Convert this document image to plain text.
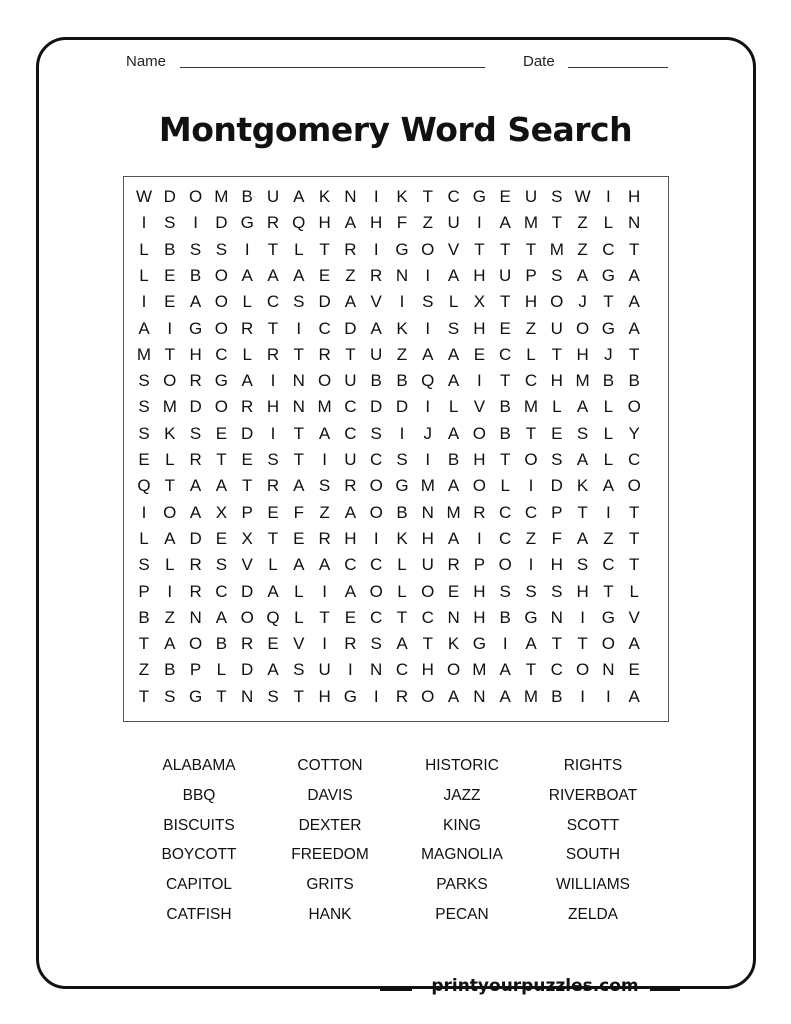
Name	Date
Montgomery Word Search
W D O M B U A K N	I	K T C G E U S W I	H
I	S	I	D G R Q H A H F Z U	I	A M T Z L N
L B S S	I	T L T R	I G O V T T T M Z C T
L E B O A A A E Z R N	I	A H U P S A G A
I	E A O L C S D A V	I	S L X T H O J T A
A	I G O R T	I	C D A K	I	S H E Z U O G A
M T H C L R T R T U Z A A E C L T H J T
S O R G A	I	N O U B B Q A	I	T C H M B B
S M D O R H N M C D D	I	L V B M L A L O
S K S E D	I	T A C S	I	J A O B T E S L Y
E L R T E S T	I	U C S	I	B H T O S A L C
Q T A A T R A S R O G M A O L	I	D K A O
I O A X P E F Z A O B N M R C C P T	I	T
L A D E X T E R H	I	K H A	I	C Z F A Z T
S L R S V L A A C C L U R P O I	H S C T
P	I	R C D A L	I	A O L O E H S S S H T L
B Z N A O Q L T E C T C N H B G N	I G V
T A O B R E V	I	R S A T K G I	A T T O A
Z B P L D A S U	I	N C H O M A T C O N E
T S G T N S T H G I	R O A N A M B	I	I	A
ALABAMA
BBQ
BISCUITS
BOYCOTT
CAPITOL
CATFISH
COTTON
DAVIS
DEXTER
FREEDOM
GRITS
HANK
HISTORIC
JAZZ
KING
MAGNOLIA
PARKS
PECAN
RIGHTS
RIVERBOAT
SCOTT
SOUTH
WILLIAMS
ZELDA
printyourpuzzles.com
